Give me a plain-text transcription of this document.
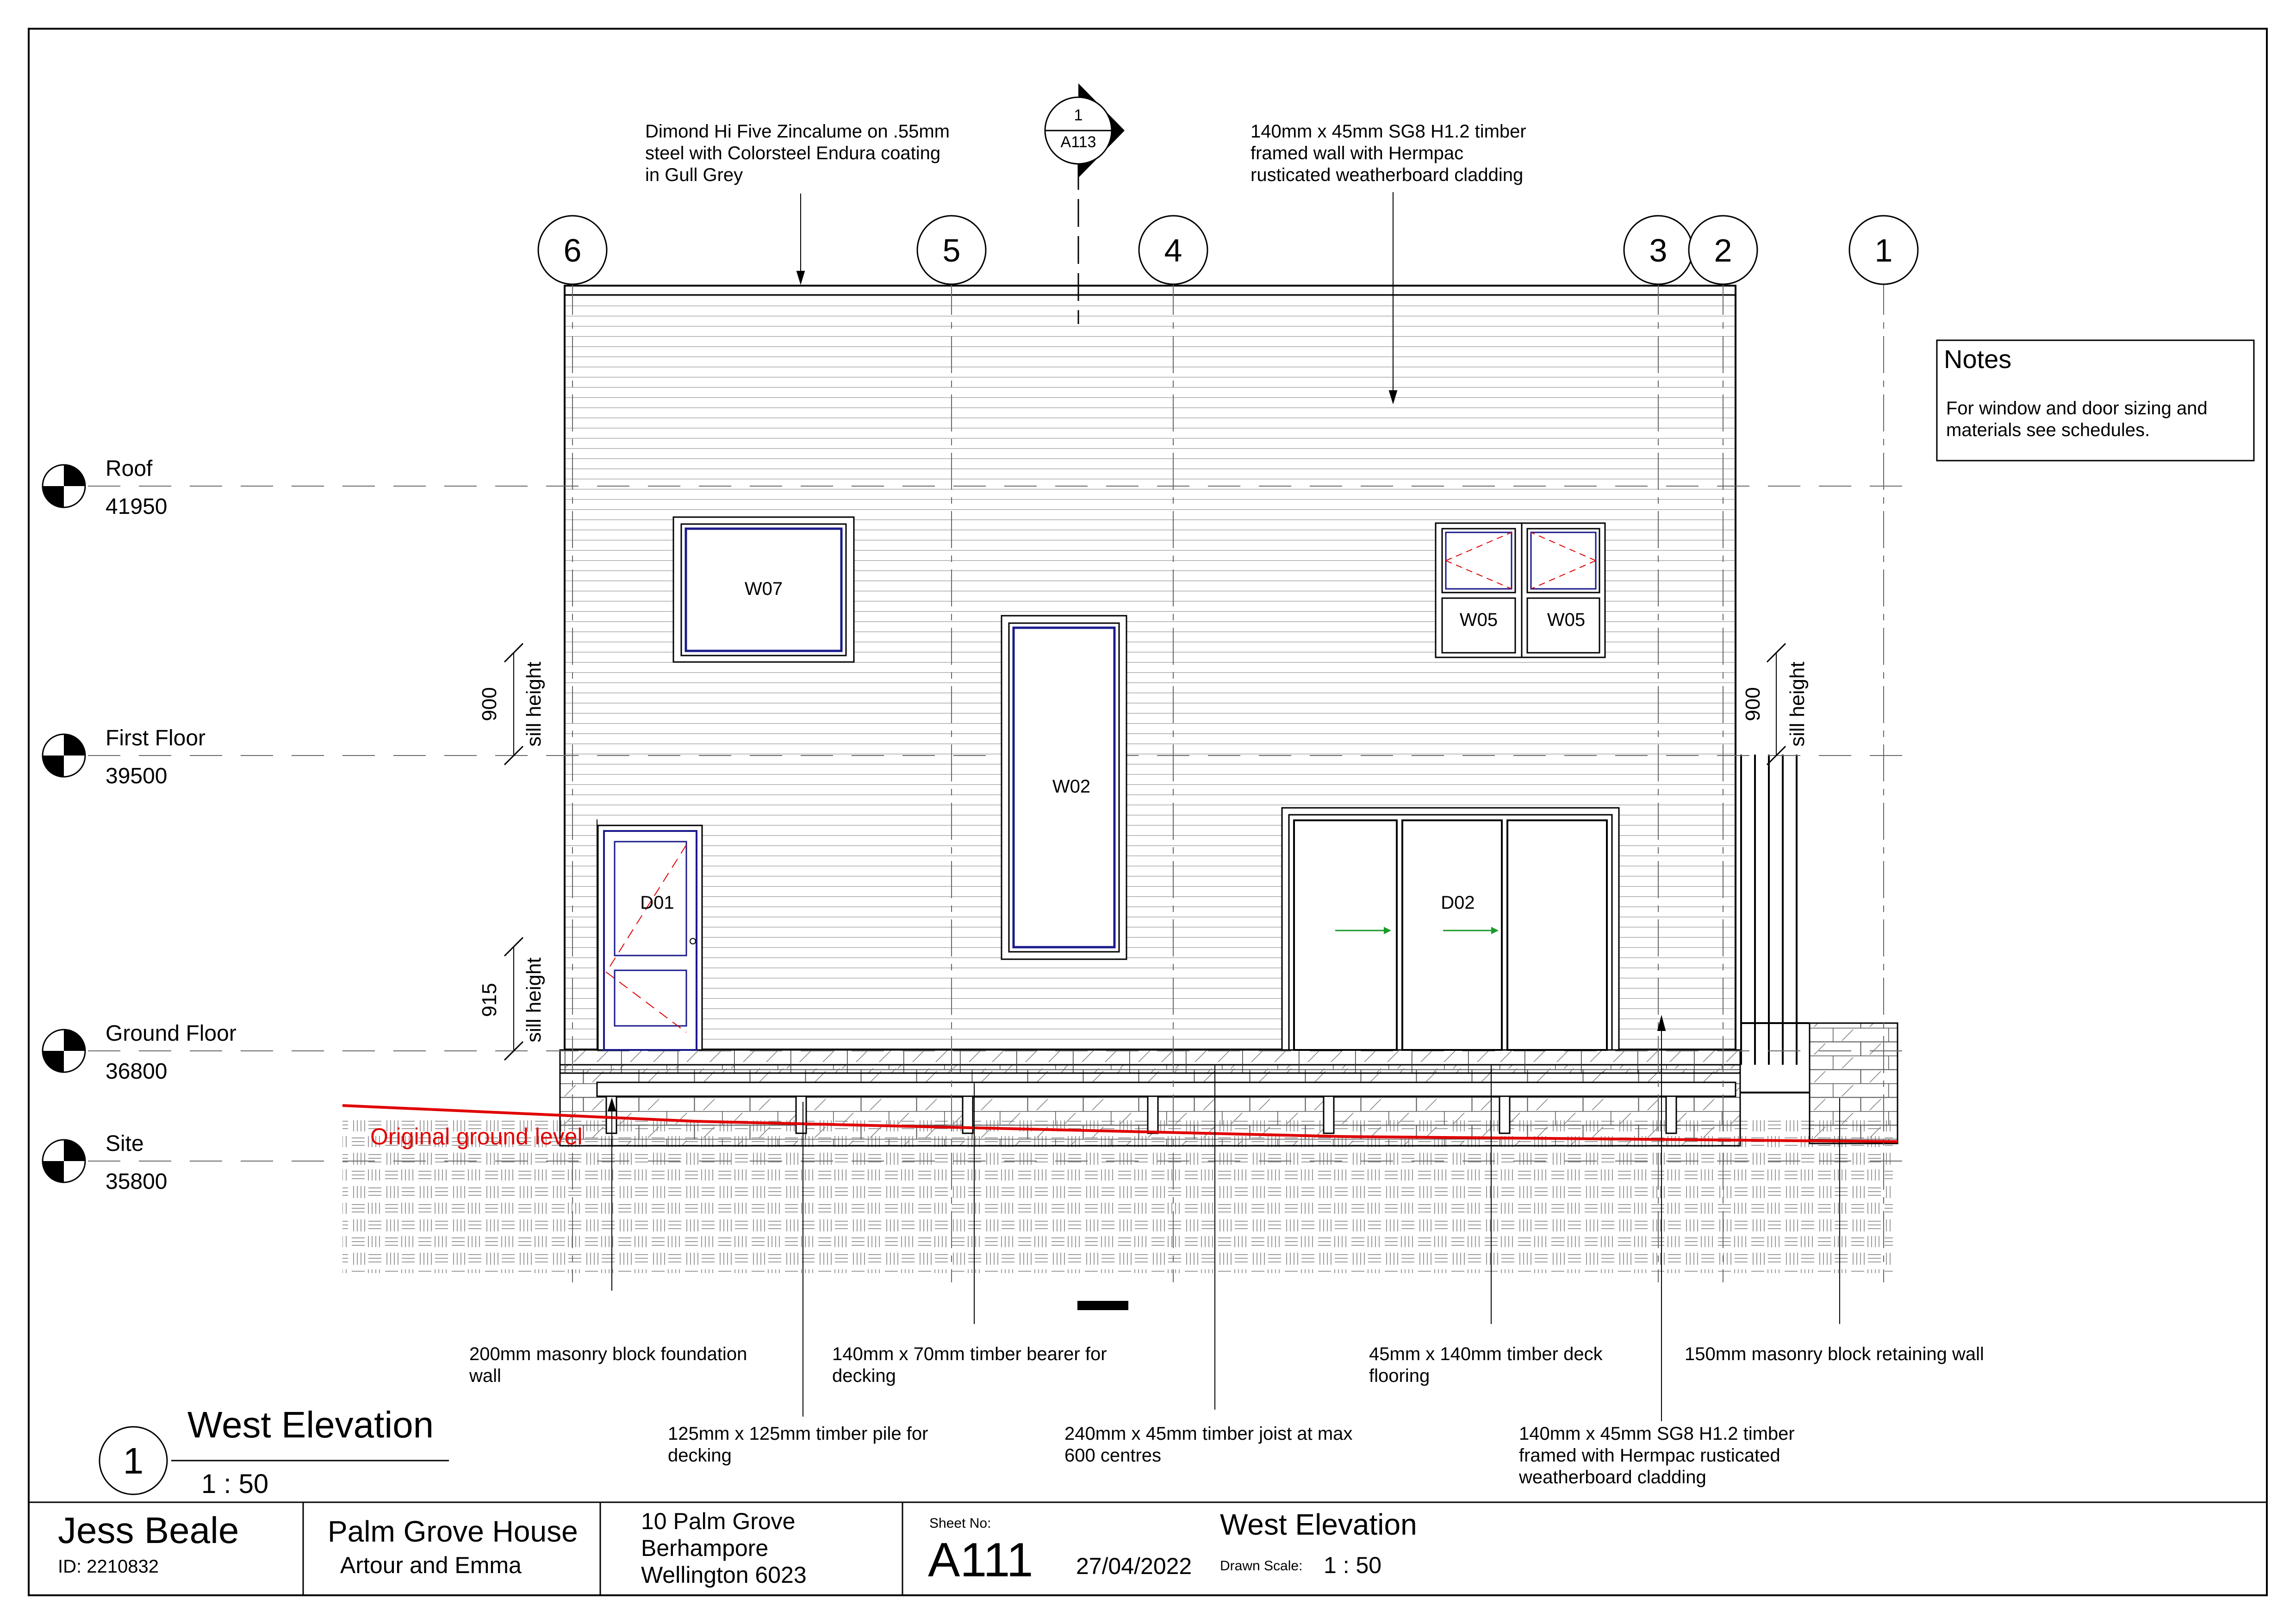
6	5	4	3 2	1
1
A113
Roof
41950
First Floor
39500
Ground Floor
36800
Site
35800
W07
W02
W05	W05
D01	D02
900 sill height
915 sill height
900 sill height
Original ground level
Notes
For window and door sizing and
materials see schedules.
Dimond Hi Five Zincalume on .55mm
steel with Colorsteel Endura coating
in Gull Grey
140mm x 45mm SG8 H1.2 timber
framed wall with Hermpac
rusticated weatherboard cladding
200mm masonry block foundation
wall
140mm x 70mm timber bearer for
decking
45mm x 140mm timber deck
flooring
150mm masonry block retaining wall
125mm x 125mm timber pile for
decking
240mm x 45mm timber joist at max
600 centres
140mm x 45mm SG8 H1.2 timber
framed with Hermpac rusticated
weatherboard cladding
1
West Elevation
1 : 50
Jess Beale
ID: 2210832
Palm Grove House
Artour and Emma
10 Palm Grove
Berhampore
Wellington 6023
Sheet No:
A111 27/04/2022
West Elevation
Drawn Scale: 1 : 50
